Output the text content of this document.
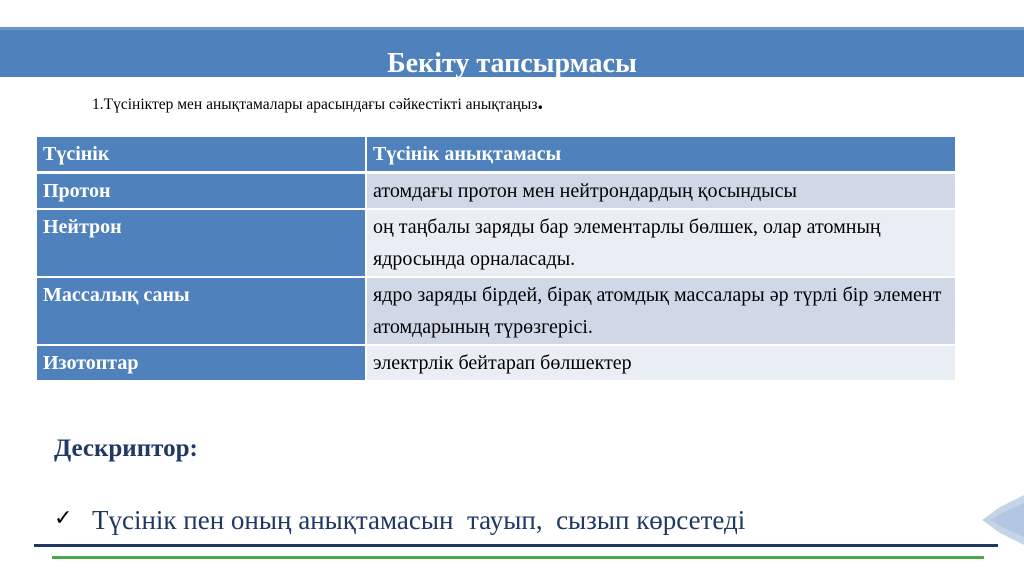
Бекіту тапсырмасы
1.Түсініктер мен анықтамалары арасындағы сәйкестікті анықтаңыз.
Түсінік	Түсінік анықтамасы
Протон	атомдағы протон мен нейтрондардың қосындысы
Нейтрон	оң таңбалы заряды бар элементарлы бөлшек, олар атомның ядросында орналасады.
Массалық саны	ядро заряды бірдей, бірақ атомдық массалары әр түрлі бір элемент атомдарының түрөзгерісі.
Изотоптар	электрлік бейтарап бөлшектер
Дескриптор:
✓ Түсінік пен оның анықтамасын  тауып,  сызып көрсетеді
